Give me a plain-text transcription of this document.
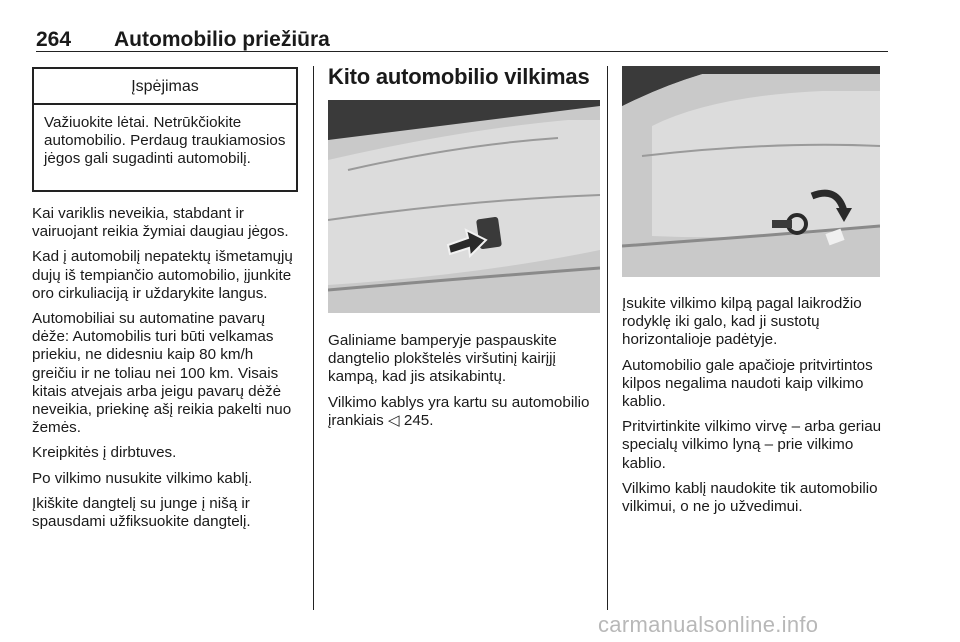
264 Automobilio priežiūra
Įspėjimas
Važiuokite lėtai. Netrūkčiokite automobilio. Perdaug traukiamosios jėgos gali sugadinti automobilį.

Kai variklis neveikia, stabdant ir vairuojant reikia žymiai daugiau jėgos.

Kad į automobilį nepatektų išmetamųjų dujų iš tempiančio automobilio, įjunkite oro cirkuliaciją ir uždarykite langus.

Automobiliai su automatine pavarų dėže: Automobilis turi būti velkamas priekiu, ne didesniu kaip 80 km/h greičiu ir ne toliau nei 100 km. Visais kitais atvejais arba jeigu pavarų dėžė neveikia, priekinę ašį reikia pakelti nuo žemės.

Kreipkitės į dirbtuves.

Po vilkimo nusukite vilkimo kablį.

Įkiškite dangtelį su junge į nišą ir spausdami užfiksuokite dangtelį.

Kito automobilio vilkimas

Galiniame bamperyje paspauskite dangtelio plokštelės viršutinį kairįjį kampą, kad jis atsikabintų.

Vilkimo kablys yra kartu su automobilio įrankiais ◁ 245.

Įsukite vilkimo kilpą pagal laikrodžio rodyklę iki galo, kad ji sustotų horizontalioje padėtyje.

Automobilio gale apačioje pritvirtintos kilpos negalima naudoti kaip vilkimo kablio.

Pritvirtinkite vilkimo virvę – arba geriau specialų vilkimo lyną – prie vilkimo kablio.

Vilkimo kablį naudokite tik automobilio vilkimui, o ne jo užvedimui.

carmanualsonline.info
